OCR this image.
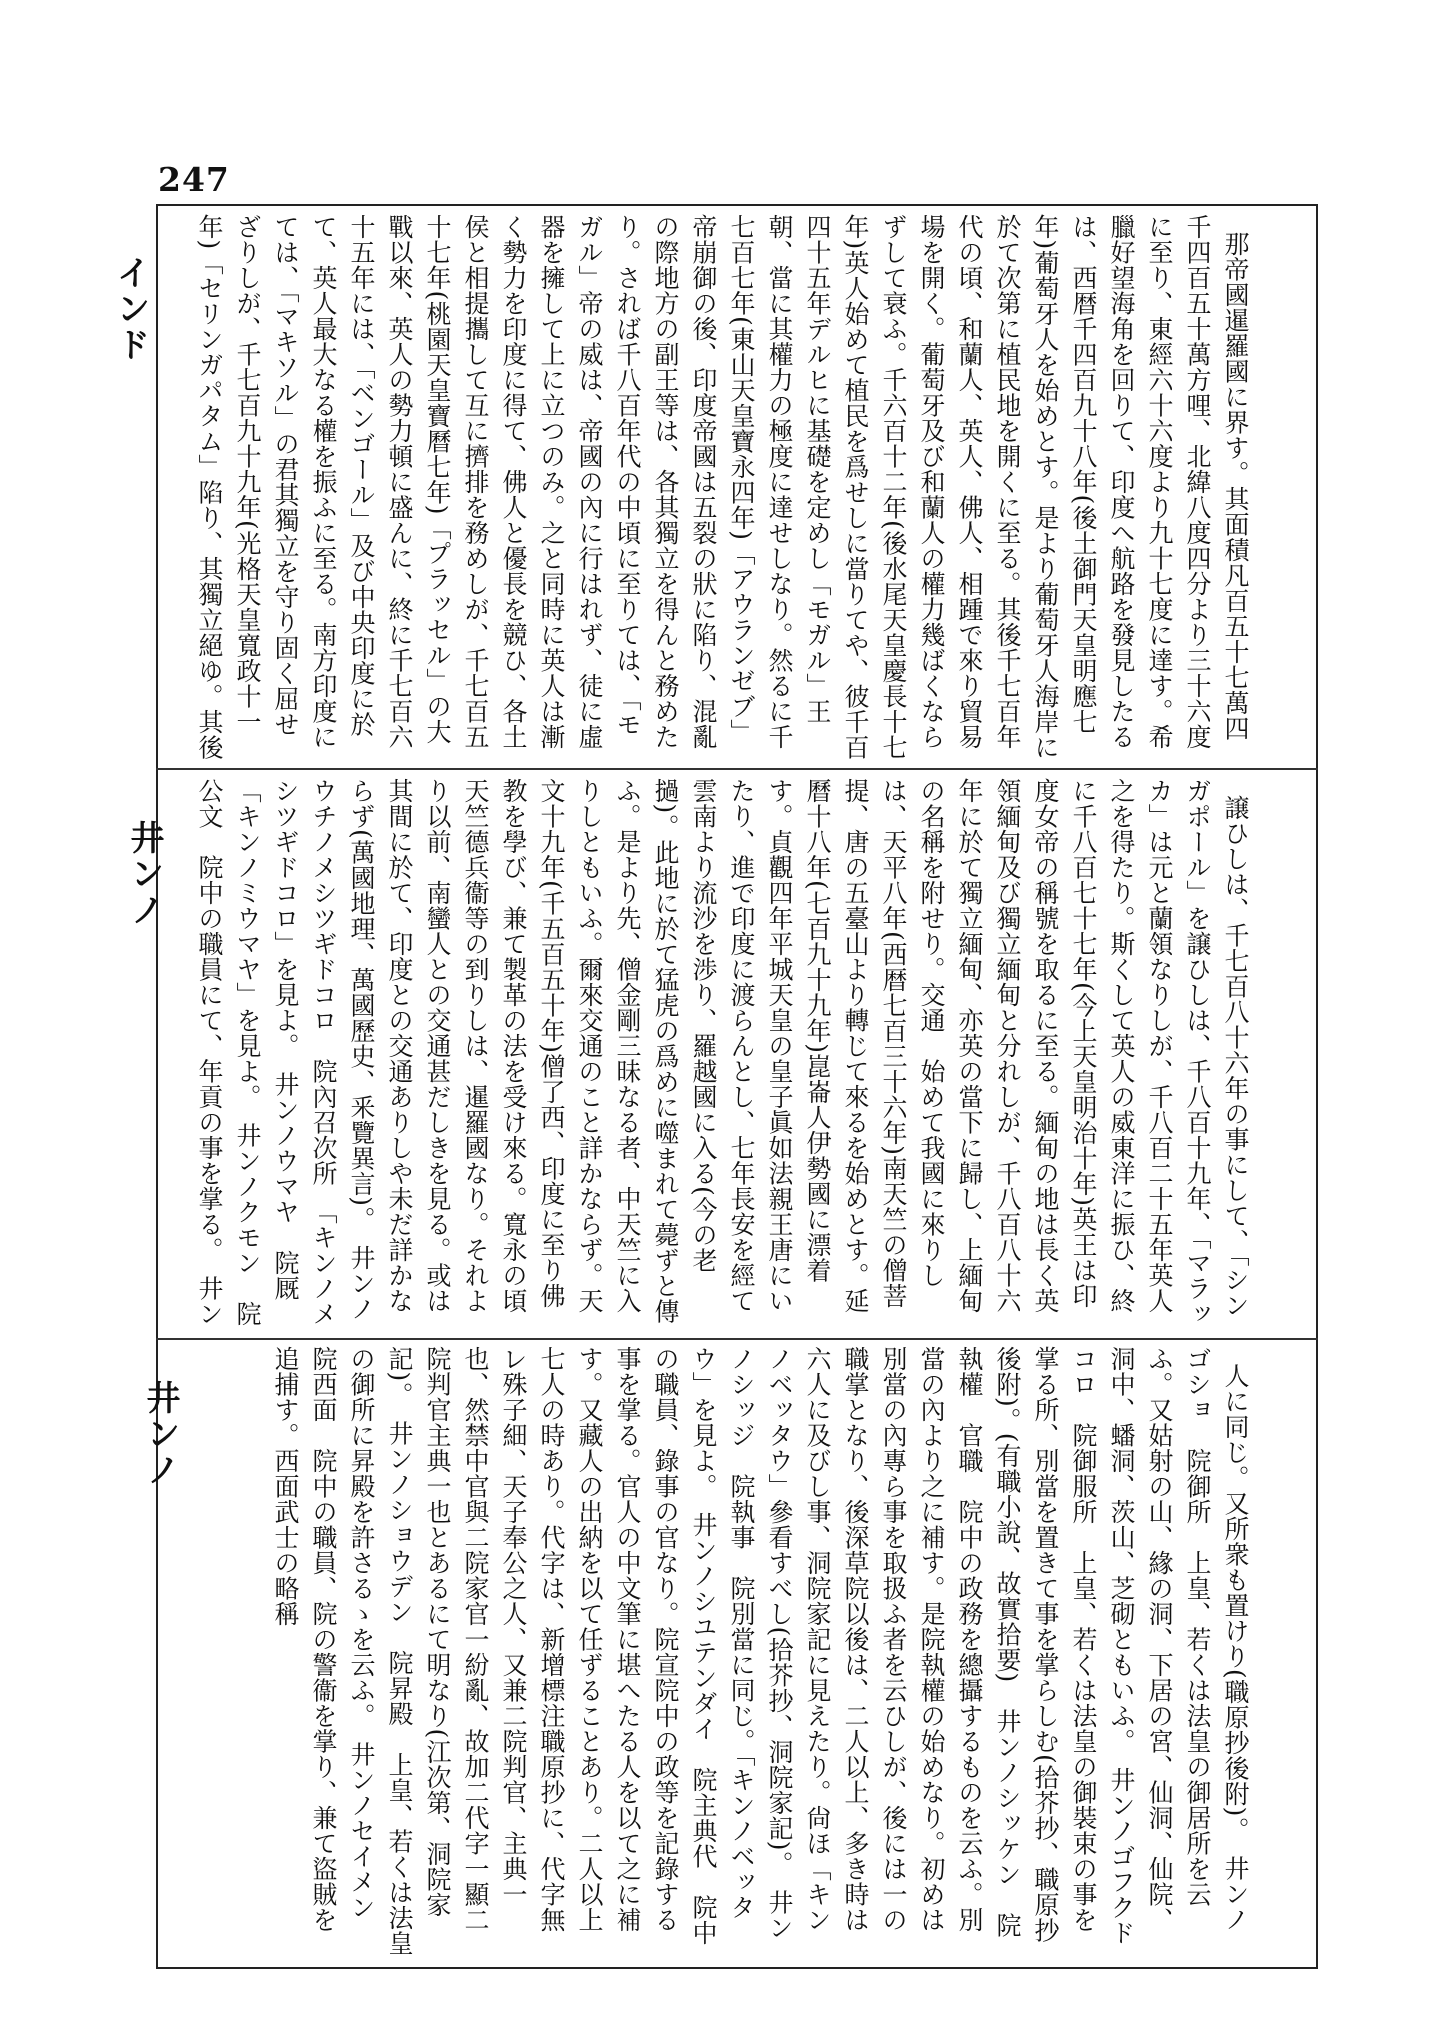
247
インド
井ンノ
井ンノ

那帝國暹羅國に界す。其面積凡百五十七萬四千四百五十萬方哩、北緯八度四分より三十六度に至り、東經六十六度より九十七度に達す。希臘好望海角を回りて、印度へ航路を發見したるは、西暦千四百九十八年(後土御門天皇明應七年)葡萄牙人を始めとす。是より葡萄牙人海岸に於て次第に植民地を開くに至る。其後千七百年代の頃、和蘭人、英人、佛人、相踵で來り貿易場を開く。葡萄牙及び和蘭人の權力幾ばくならずして衰ふ。千六百十二年(後水尾天皇慶長十七年)英人始めて植民を爲せしに當りてや、彼千百四十五年デルヒに基礎を定めし「モガル」王朝、當に其權力の極度に達せしなり。然るに千七百七年(東山天皇寶永四年)「アウランゼブ」帝崩御の後、印度帝國は五裂の狀に陷り、混亂の際地方の副王等は、各其獨立を得んと務めたり。されば千八百年代の中頃に至りては、「モガル」帝の威は、帝國の內に行はれず、徒に虛器を擁して上に立つのみ。之と同時に英人は漸く勢力を印度に得て、佛人と優長を競ひ、各土侯と相提攜して互に擠排を務めしが、千七百五十七年(桃園天皇寶曆七年)「プラッセル」の大戰以來、英人の勢力頓に盛んに、終に千七百六十五年には、「ベンゴール」及び中央印度に於て、英人最大なる權を振ふに至る。南方印度にては、「マキソル」の君其獨立を守り固く屈せざりしが、千七百九十九年(光格天皇寬政十一年)「セリンガパタム」陷り、其獨立絕ゆ。其後

譲ひしは、千七百八十六年の事にして、「シンガポール」を譲ひしは、千八百十九年、「マラッカ」は元と蘭領なりしが、千八百二十五年英人之を得たり。斯くして英人の威東洋に振ひ、終に千八百七十七年(今上天皇明治十年)英王は印度女帝の稱號を取るに至る。緬甸の地は長く英領緬甸及び獨立緬甸と分れしが、千八百八十六年に於て獨立緬甸、亦英の當下に歸し、上緬甸の名稱を附せり。交通　始めて我國に來りしは、天平八年(西暦七百三十六年)南天竺の僧菩提、唐の五臺山より轉じて來るを始めとす。延曆十八年(七百九十九年)崑崙人伊勢國に漂着す。貞觀四年平城天皇の皇子眞如法親王唐にいたり、進で印度に渡らんとし、七年長安を經て雲南より流沙を渉り、羅越國に入る(今の老撾)。此地に於て猛虎の爲めに噬まれて薨ずと傳ふ。是より先、僧金剛三昧なる者、中天竺に入りしともいふ。爾來交通のこと詳かならず。天文十九年(千五百五十年)僧了西、印度に至り佛教を學び、兼て製革の法を受け來る。寬永の頃天竺德兵衞等の到りしは、暹羅國なり。それより以前、南蠻人との交通甚だしきを見る。或は其間に於て、印度との交通ありしや未だ詳かならず(萬國地理、萬國歷史、釆覽異言)。　井ンノウチノメシツギドコロ　院內召次所　「キンノメシツギドコロ」を見よ。　井ンノウマヤ　院厩　「キンノミウマヤ」を見よ。　井ンノクモン　院公文　院中の職員にて、年貢の事を掌る。　井ン　　

人に同じ。又所衆も置けり(職原抄後附)。　井ンノゴショ　院御所　上皇、若くは法皇の御居所を云ふ。又姑射の山、緣の洞、下居の宮、仙洞、仙院、洞中、蟠洞、茨山、芝砌ともいふ。　井ンノゴフクドコロ　院御服所　上皇、若くは法皇の御裝束の事を掌る所、別當を置きて事を掌らしむ(拾芥抄、職原抄後附)。(有職小說、故實拾要)　井ンノシッケン　院執權　官職　院中の政務を總攝するものを云ふ。別當の內より之に補す。是院執權の始めなり。初めは別當の內專ら事を取扱ふ者を云ひしが、後には一の職掌となり、後深草院以後は、二人以上、多き時は六人に及びし事、洞院家記に見えたり。尙ほ「キンノベッタウ」參看すべし(拾芥抄、洞院家記)。　井ンノシッジ　院執事　院別當に同じ。「キンノベッタウ」を見よ。　井ンノシユテンダイ　院主典代　院中の職員、錄事の官なり。院宣院中の政等を記錄する事を掌る。官人の中文筆に堪へたる人を以て之に補す。又藏人の出納を以て任ずることあり。二人以上七人の時あり。代字は、新增標注職原抄に、代字無レ殊子細、天子奉公之人、又兼二院判官、主典一也、然禁中官與二院家官一紛亂、故加二代字一顯二院判官主典一也とあるにて明なり(江次第、洞院家記)。　井ンノショウデン　院昇殿　上皇、若くは法皇の御所に昇殿を許さるゝを云ふ。　井ンノセイメン　院西面　院中の職員、院の警衞を掌り、兼て盜賊を追捕す。西面武士の略稱
